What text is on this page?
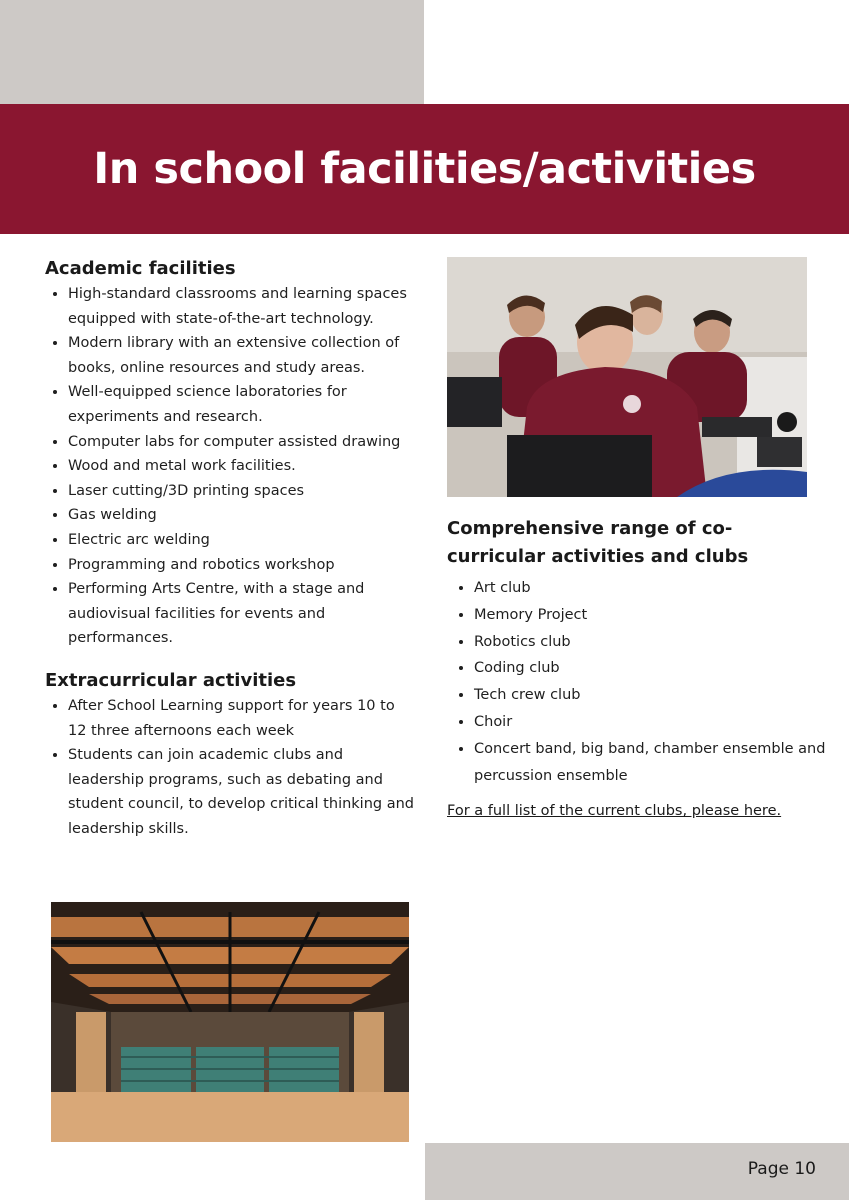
In school facilities/activities
Academic facilities
• High-standard classrooms and learning spaces equipped with state-of-the-art technology.
• Modern library with an extensive collection of books, online resources and study areas.
• Well-equipped science laboratories for experiments and research.
• Computer labs for computer assisted drawing
• Wood and metal work facilities.
• Laser cutting/3D printing spaces
• Gas welding
• Electric arc welding
• Programming and robotics workshop
• Performing Arts Centre, with a stage and audiovisual facilities for events and performances.
Extracurricular activities
• After School Learning support for years 10 to 12 three afternoons each week
• Students can join academic clubs and leadership programs, such as debating and student council, to develop critical thinking and leadership skills.
Comprehensive range of co-curricular activities and clubs
• Art club
• Memory Project
• Robotics club
• Coding club
• Tech crew club
• Choir
• Concert band, big band, chamber ensemble and percussion ensemble
For a full list of the current clubs, please here.
Page 10
